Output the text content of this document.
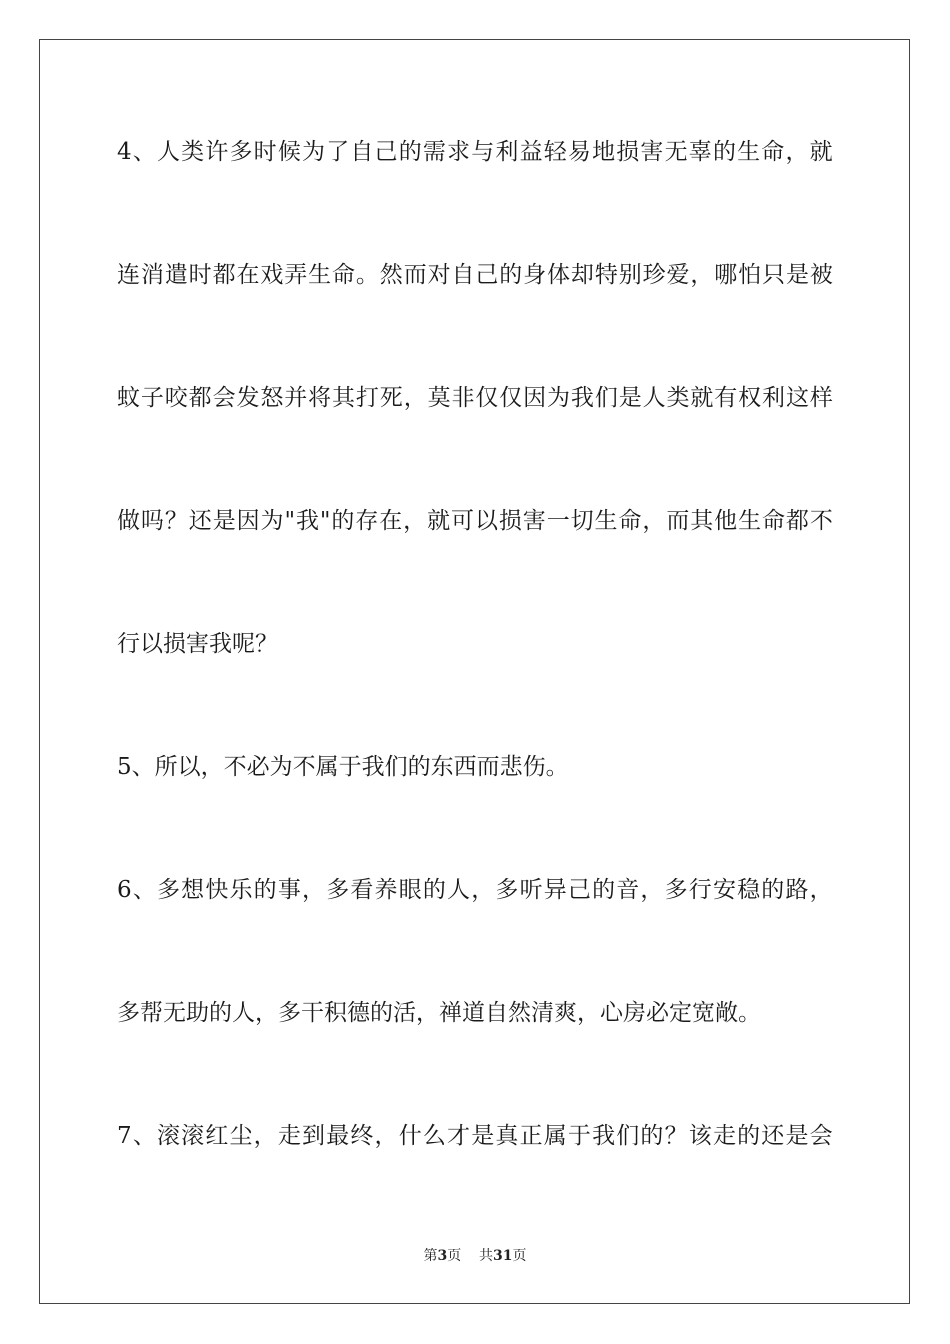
4 、 人 类 许 多 时 候 为 了 自 己 的 需 求 与 利 益 轻 易 地 损 害 无 辜 的 生 命 ， 就
连 消 遣 时 都 在 戏 弄 生 命 。 然 而 对 自 己 的 身 体 却 特 别 珍 爱 ， 哪 怕 只 是 被
蚊 子 咬 都 会 发 怒 并 将 其 打 死 ， 莫 非 仅 仅 因 为 我 们 是 人 类 就 有 权 利 这 样
做 吗 ？ 还 是 因 为 " 我 " 的 存 在 ， 就 可 以 损 害 一 切 生 命 ， 而 其 他 生 命 都 不
行以损害我呢？
5、所以，不必为不属于我们的东西而悲伤。
6 、 多 想 快 乐 的 事 ， 多 看 养 眼 的 人 ， 多 听 异 己 的 音 ， 多 行 安 稳 的 路 ，
多帮无助的人，多干积德的活，禅道自然清爽，心房必定宽敞。
7 、 滚 滚 红 尘 ， 走 到 最 终 ， 什 么 才 是 真 正 属 于 我 们 的 ？ 该 走 的 还 是 会
第3页 共31页
